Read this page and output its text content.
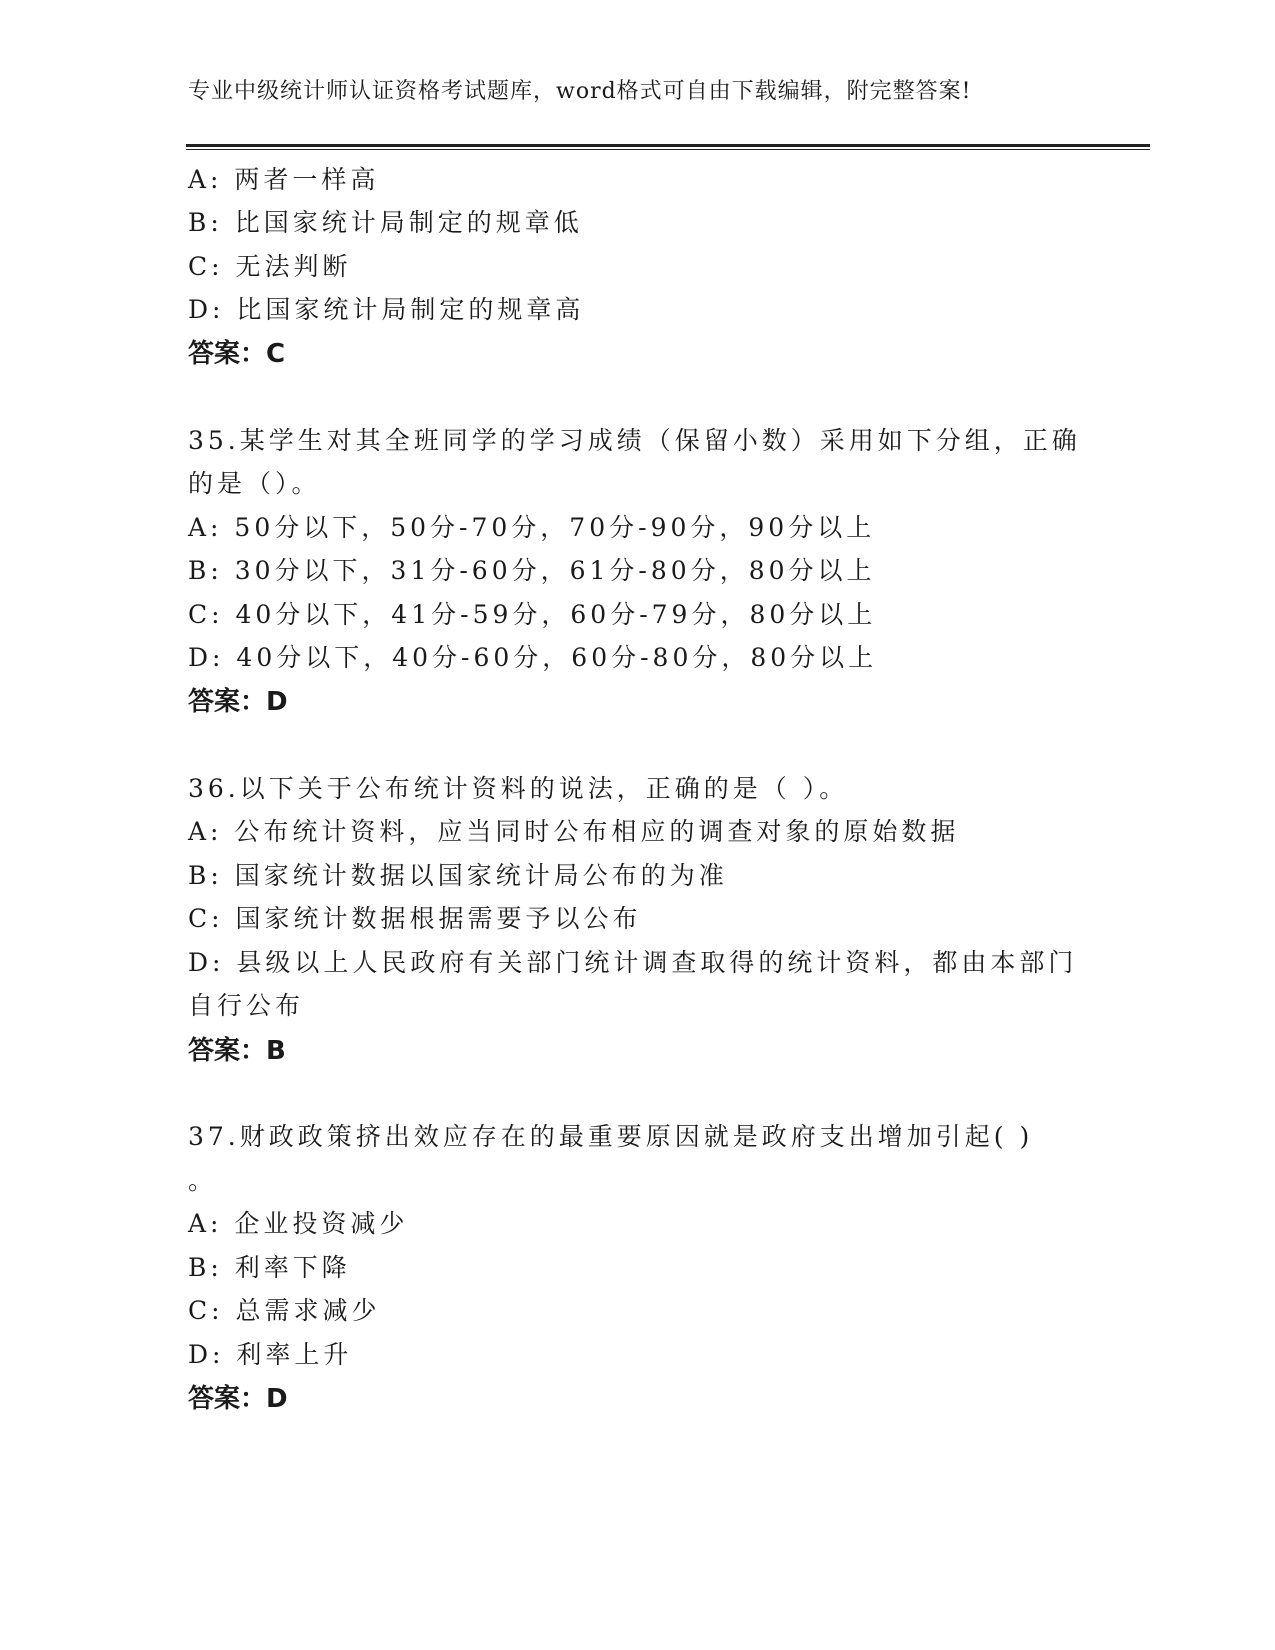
专业中级统计师认证资格考试题库，word格式可自由下载编辑，附完整答案!
A: 两者一样高
B: 比国家统计局制定的规章低
C: 无法判断
D: 比国家统计局制定的规章高
答案：C
35.某学生对其全班同学的学习成绩（保留小数）采用如下分组，正确
的是（）。
A: 50分以下，50分-70分，70分-90分，90分以上
B: 30分以下，31分-60分，61分-80分，80分以上
C: 40分以下，41分-59分，60分-79分，80分以上
D: 40分以下，40分-60分，60分-80分，80分以上
答案：D
36.以下关于公布统计资料的说法，正确的是（ ）。
A: 公布统计资料，应当同时公布相应的调查对象的原始数据
B: 国家统计数据以国家统计局公布的为准
C: 国家统计数据根据需要予以公布
D: 县级以上人民政府有关部门统计调查取得的统计资料，都由本部门
自行公布
答案：B
37.财政政策挤出效应存在的最重要原因就是政府支出增加引起( )
。
A: 企业投资减少
B: 利率下降
C: 总需求减少
D: 利率上升
答案：D
